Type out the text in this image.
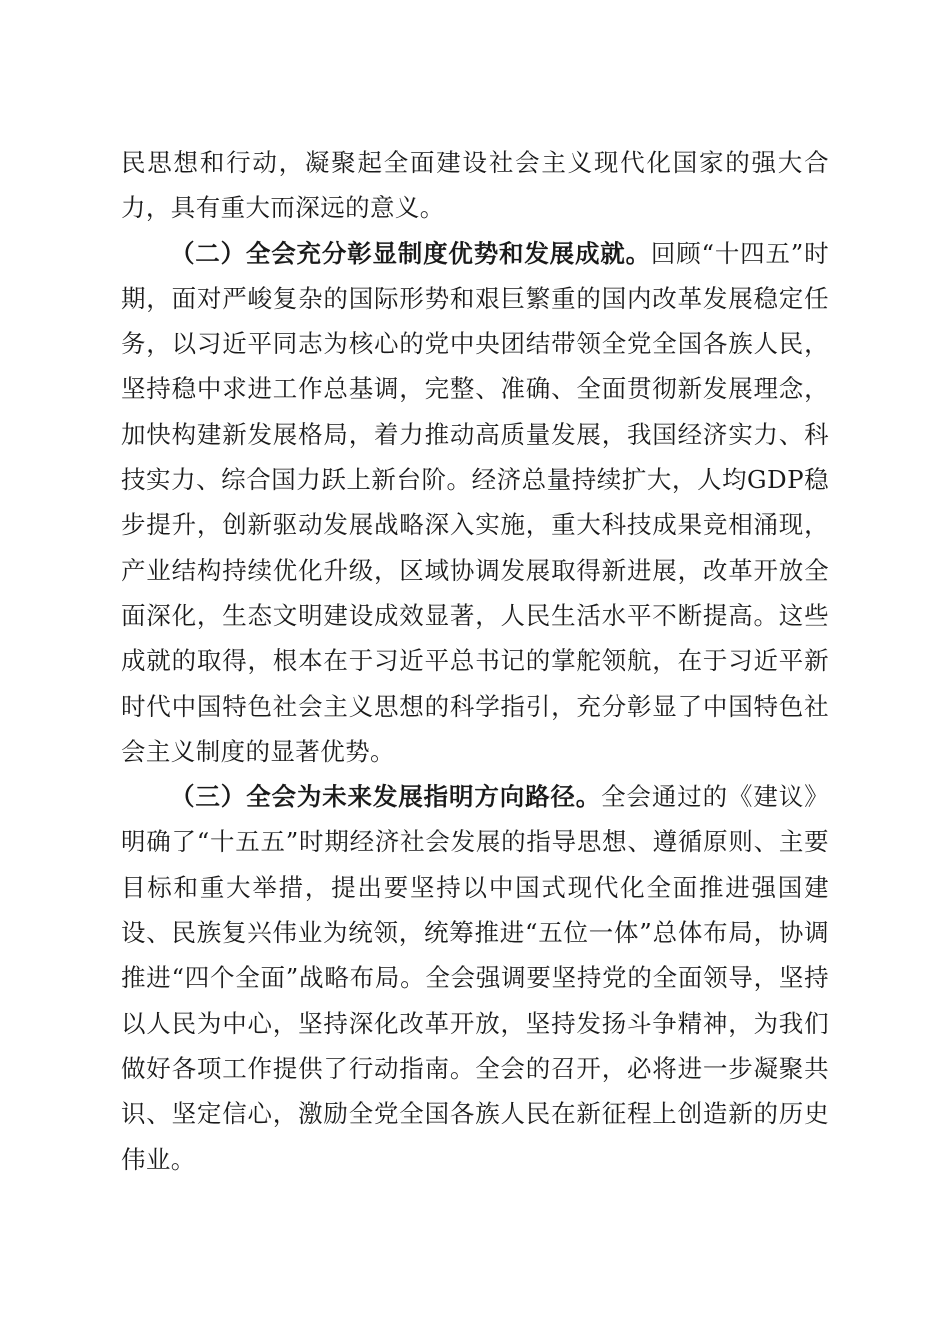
民思想和行动，凝聚起全面建设社会主义现代化国家的强大合力，具有重大而深远的意义。

（二）全会充分彰显制度优势和发展成就。回顾“十四五”时期，面对严峻复杂的国际形势和艰巨繁重的国内改革发展稳定任务，以习近平同志为核心的党中央团结带领全党全国各族人民，坚持稳中求进工作总基调，完整、准确、全面贯彻新发展理念，加快构建新发展格局，着力推动高质量发展，我国经济实力、科技实力、综合国力跃上新台阶。经济总量持续扩大，人均GDP稳步提升，创新驱动发展战略深入实施，重大科技成果竞相涌现，产业结构持续优化升级，区域协调发展取得新进展，改革开放全面深化，生态文明建设成效显著，人民生活水平不断提高。这些成就的取得，根本在于习近平总书记的掌舵领航，在于习近平新时代中国特色社会主义思想的科学指引，充分彰显了中国特色社会主义制度的显著优势。

（三）全会为未来发展指明方向路径。全会通过的《建议》明确了“十五五”时期经济社会发展的指导思想、遵循原则、主要目标和重大举措，提出要坚持以中国式现代化全面推进强国建设、民族复兴伟业为统领，统筹推进“五位一体”总体布局，协调推进“四个全面”战略布局。全会强调要坚持党的全面领导，坚持以人民为中心，坚持深化改革开放，坚持发扬斗争精神，为我们做好各项工作提供了行动指南。全会的召开，必将进一步凝聚共识、坚定信心，激励全党全国各族人民在新征程上创造新的历史伟业。
